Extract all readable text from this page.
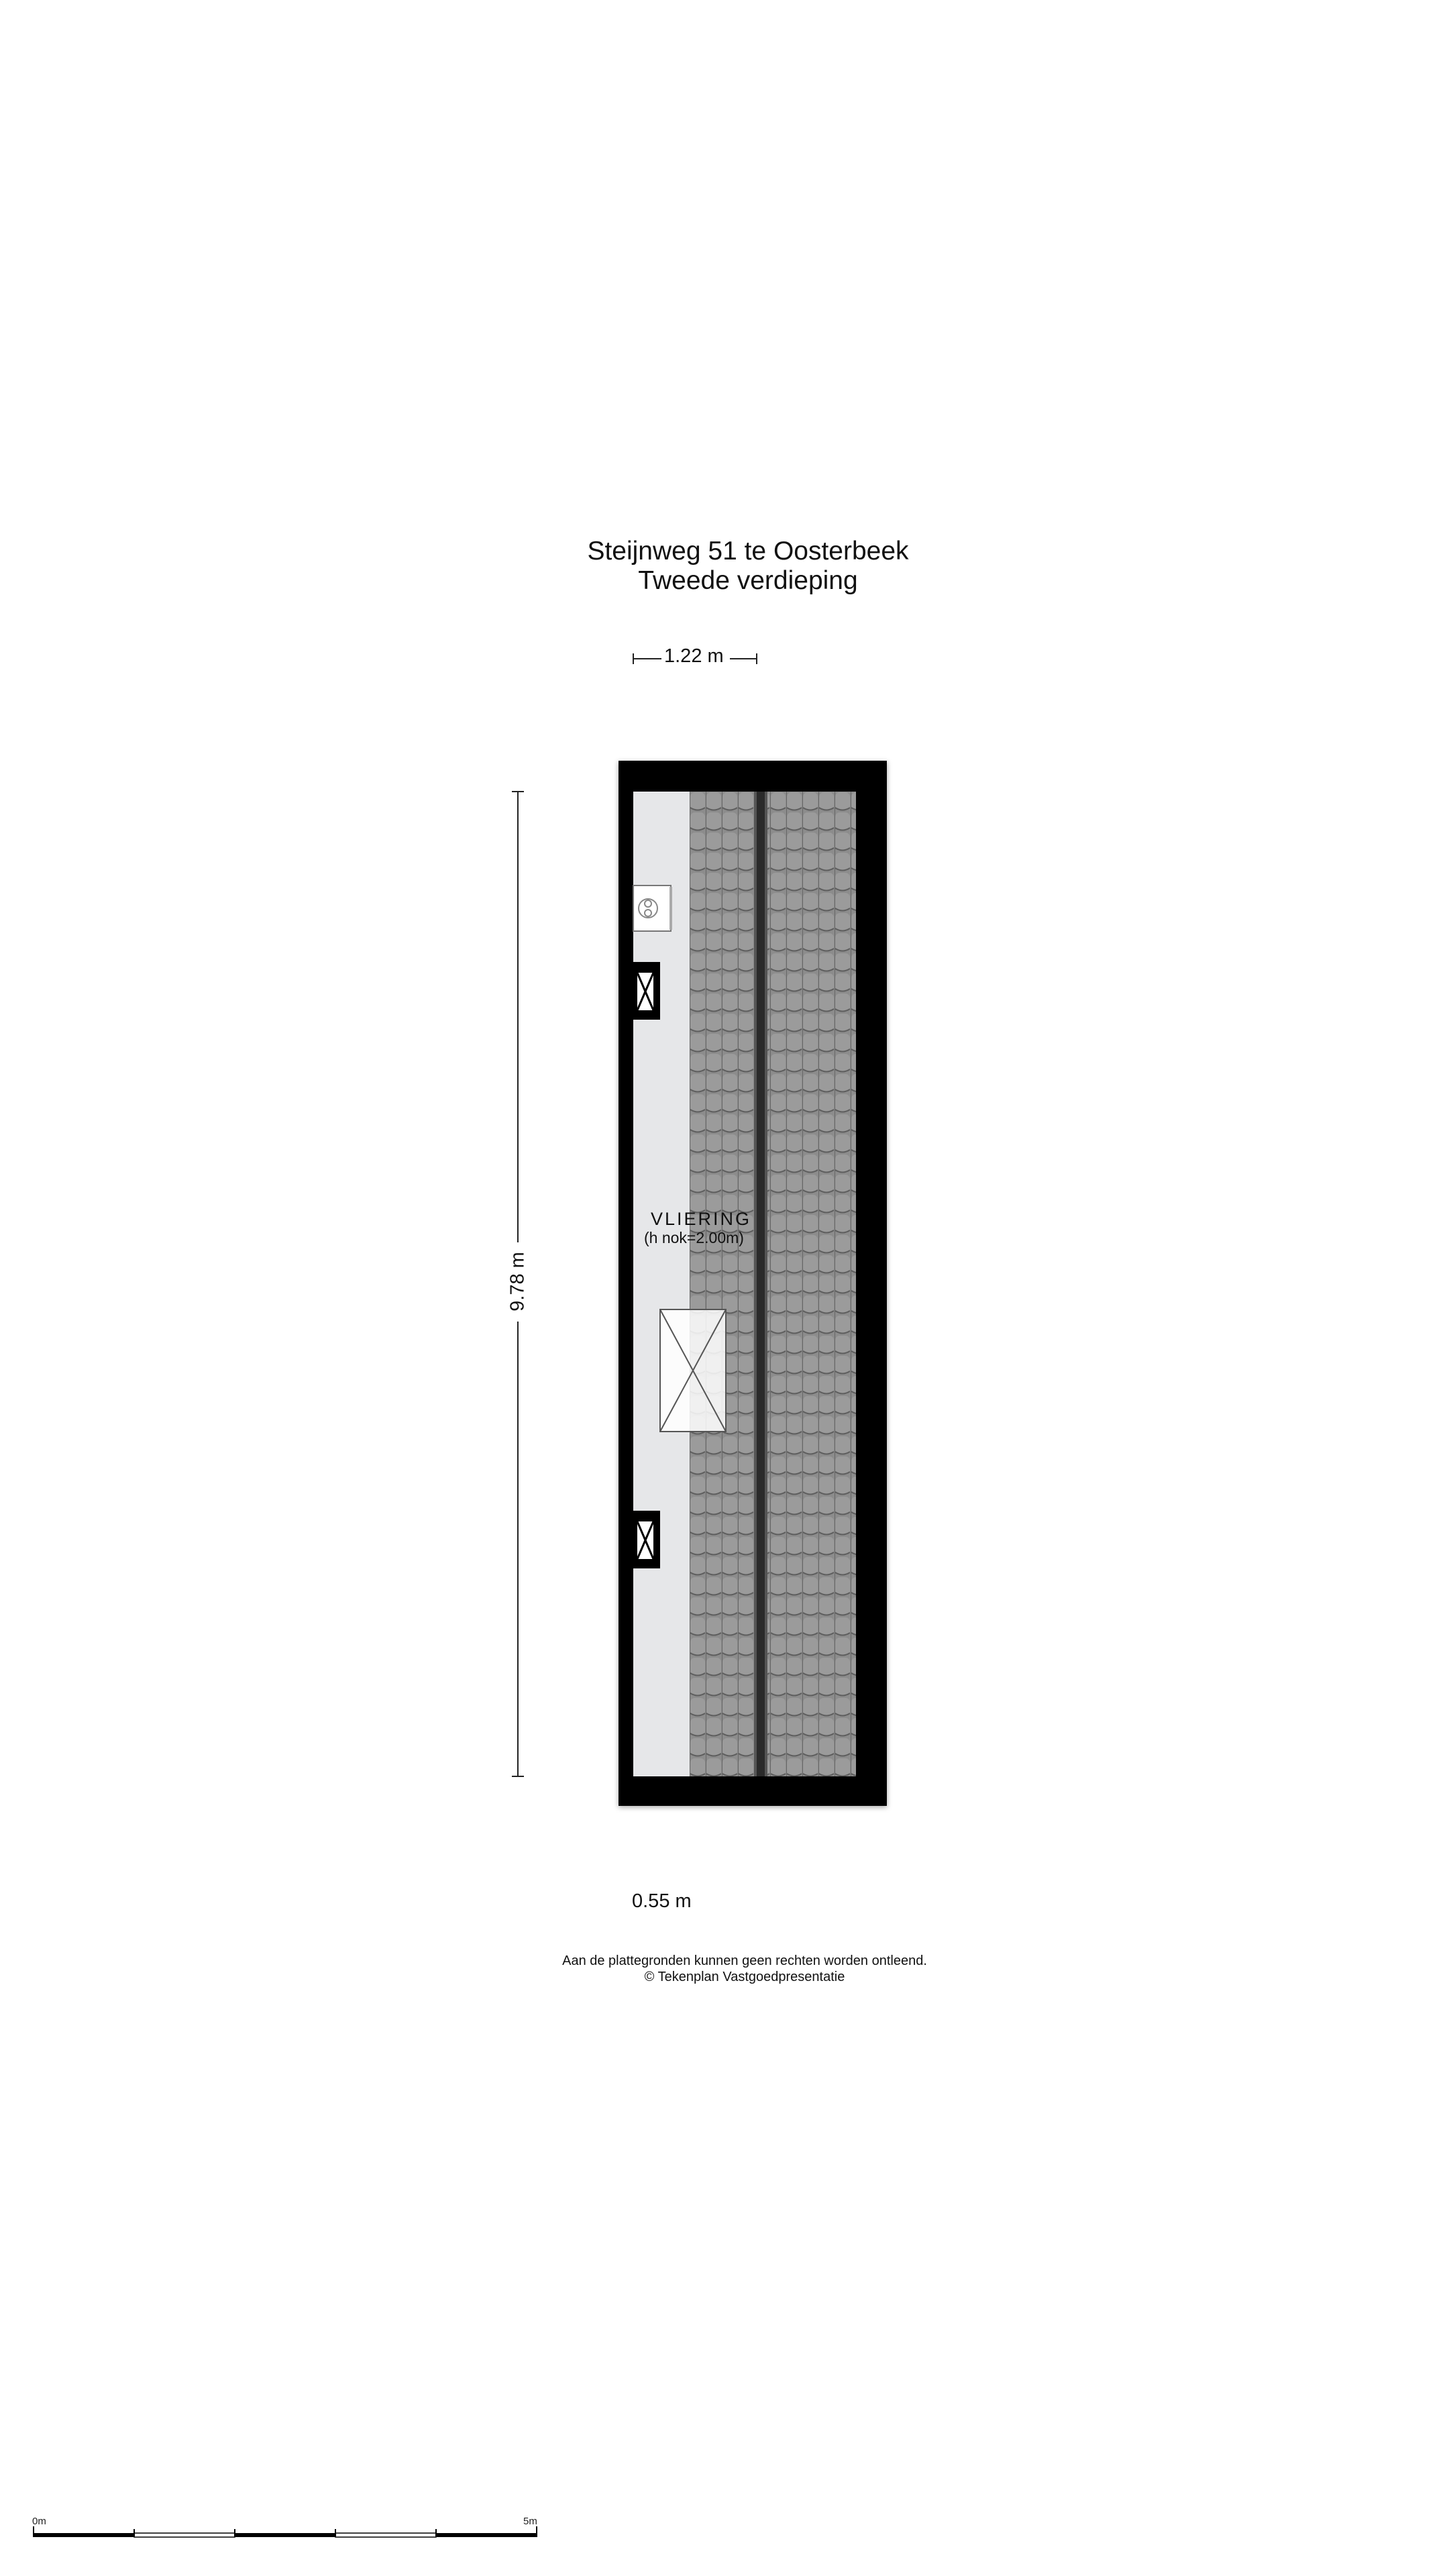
Steijnweg 51 te Oosterbeek
Tweede verdieping
1.22 m
9.78 m
0.55 m
VLIERING
(h nok=2.00m)
Aan de plattegronden kunnen geen rechten worden ontleend.
© Tekenplan Vastgoedpresentatie
0m	5m
